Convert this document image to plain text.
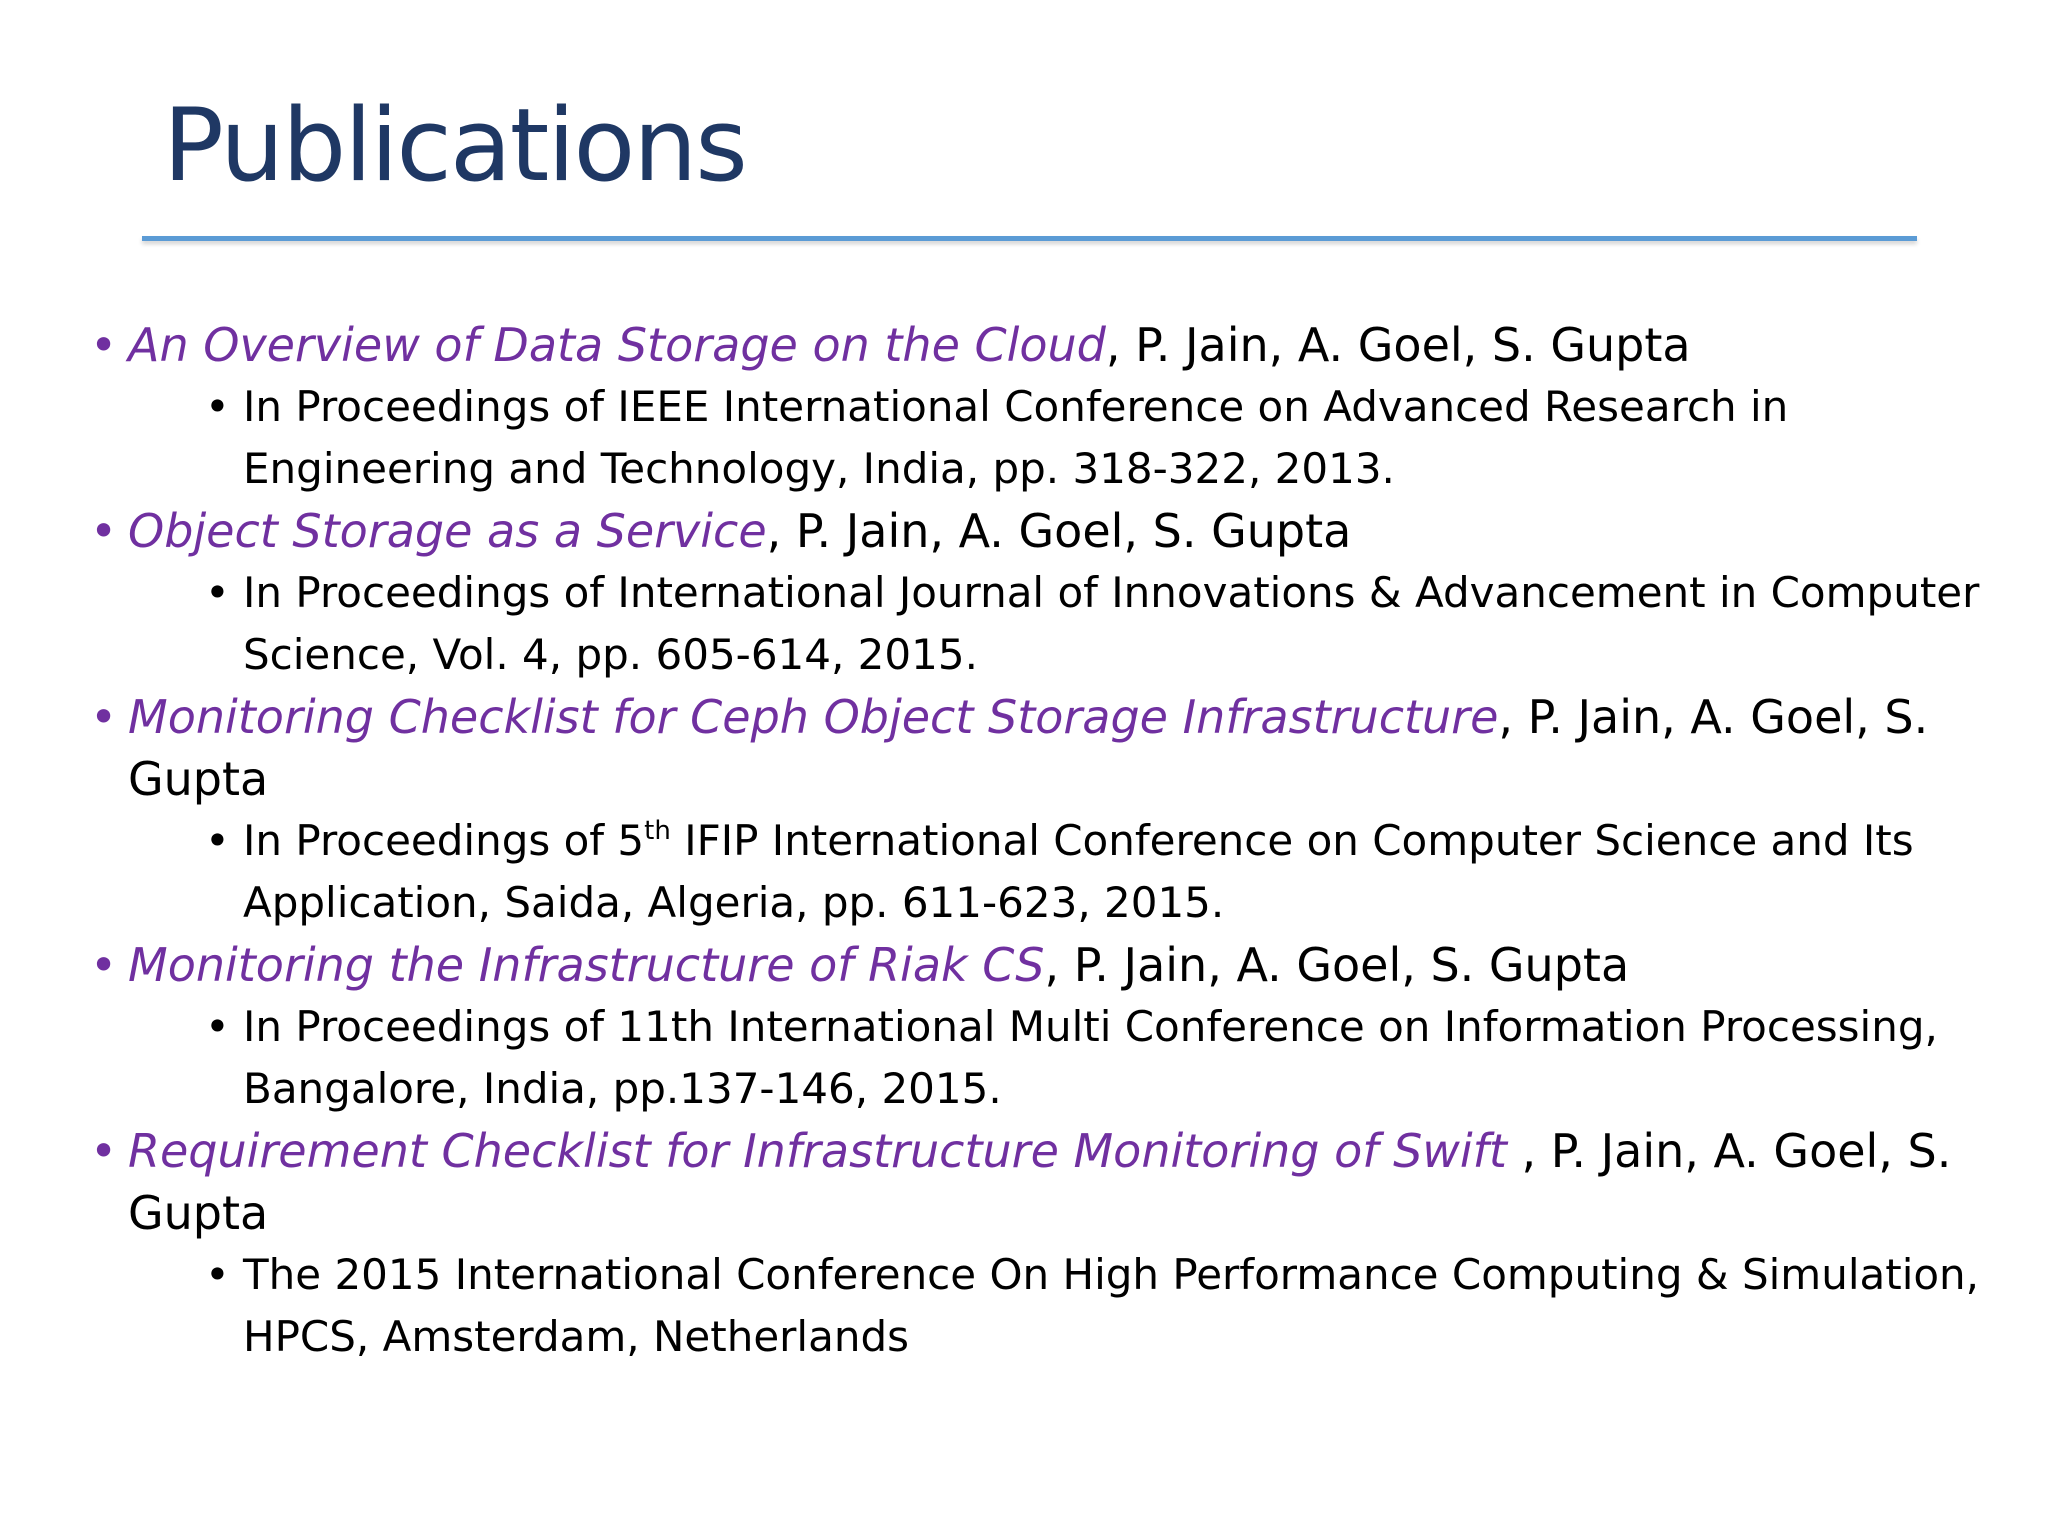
Publications
• An Overview of Data Storage on the Cloud, P. Jain, A. Goel, S. Gupta
• In Proceedings of IEEE International Conference on Advanced Research in Engineering and Technology, India, pp. 318-322, 2013.
• Object Storage as a Service, P. Jain, A. Goel, S. Gupta
• In Proceedings of International Journal of Innovations & Advancement in Computer Science, Vol. 4, pp. 605-614, 2015.
• Monitoring Checklist for Ceph Object Storage Infrastructure, P. Jain, A. Goel, S. Gupta
• In Proceedings of 5th IFIP International Conference on Computer Science and Its Application, Saida, Algeria, pp. 611-623, 2015.
• Monitoring the Infrastructure of Riak CS, P. Jain, A. Goel, S. Gupta
• In Proceedings of 11th International Multi Conference on Information Processing, Bangalore, India, pp.137-146, 2015.
• Requirement Checklist for Infrastructure Monitoring of Swift , P. Jain, A. Goel, S. Gupta
• The 2015 International Conference On High Performance Computing & Simulation, HPCS, Amsterdam, Netherlands
